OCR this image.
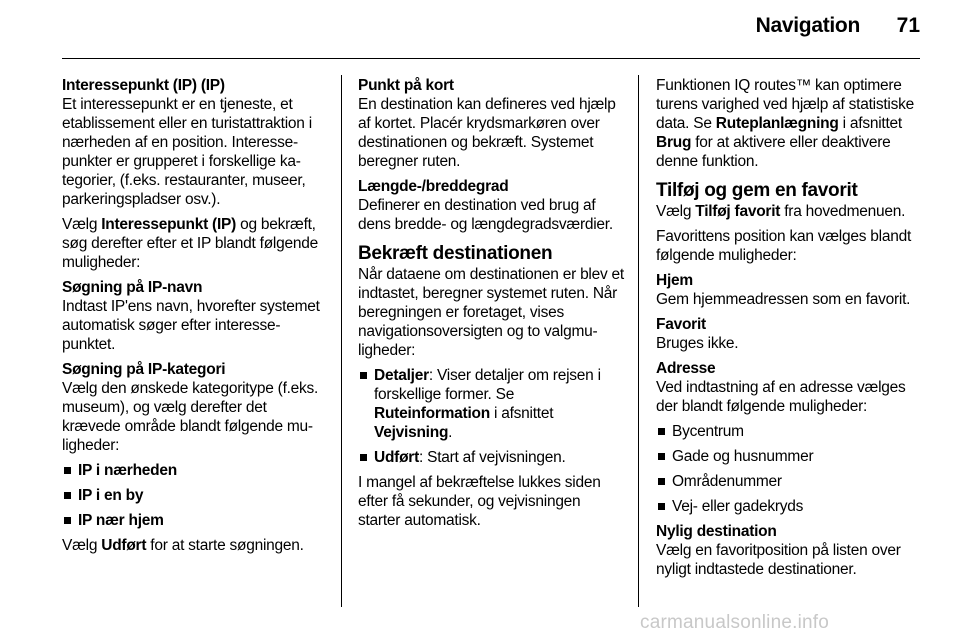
Navigation	71

Interessepunkt (IP) (IP)
Et interessepunkt er en tjeneste, et etablissement eller en turistattraktion i nærheden af en position. Interessepunkter er grupperet i forskellige kategorier, (f.eks. restauranter, museer, parkeringspladser osv.).

Vælg Interessepunkt (IP) og bekræft, søg derefter efter et IP blandt følgende muligheder:

Søgning på IP-navn
Indtast IP'ens navn, hvorefter systemet automatisk søger efter interessepunktet.

Søgning på IP-kategori
Vælg den ønskede kategoritype (f.eks. museum), og vælg derefter det krævede område blandt følgende muligheder:

IP i nærheden
IP i en by
IP nær hjem

Vælg Udført for at starte søgningen.

Punkt på kort
En destination kan defineres ved hjælp af kortet. Placér krydsmarkøren over destinationen og bekræft. Systemet beregner ruten.

Længde-/breddegrad
Definerer en destination ved brug af dens bredde- og længdegradsværdier.

Bekræft destinationen

Når dataene om destinationen er blev et indtastet, beregner systemet ruten. Når beregningen er foretaget, vises navigationsoversigten og to valgmuligheder:

Detaljer: Viser detaljer om rejsen i forskellige former. Se Ruteinformation i afsnittet Vejvisning.
Udført: Start af vejvisningen.

I mangel af bekræftelse lukkes siden efter få sekunder, og vejvisningen starter automatisk.

Funktionen IQ routes™ kan optimere turens varighed ved hjælp af statistiske data. Se Ruteplanlægning i afsnittet Brug for at aktivere eller deaktivere denne funktion.

Tilføj og gem en favorit

Vælg Tilføj favorit fra hovedmenuen.

Favorittens position kan vælges blandt følgende muligheder:

Hjem
Gem hjemmeadressen som en favorit.

Favorit
Bruges ikke.

Adresse
Ved indtastning af en adresse vælges der blandt følgende muligheder:

Bycentrum
Gade og husnummer
Områdenummer
Vej- eller gadekryds

Nylig destination
Vælg en favoritposition på listen over nyligt indtastede destinationer.

carmanualsonline.info
